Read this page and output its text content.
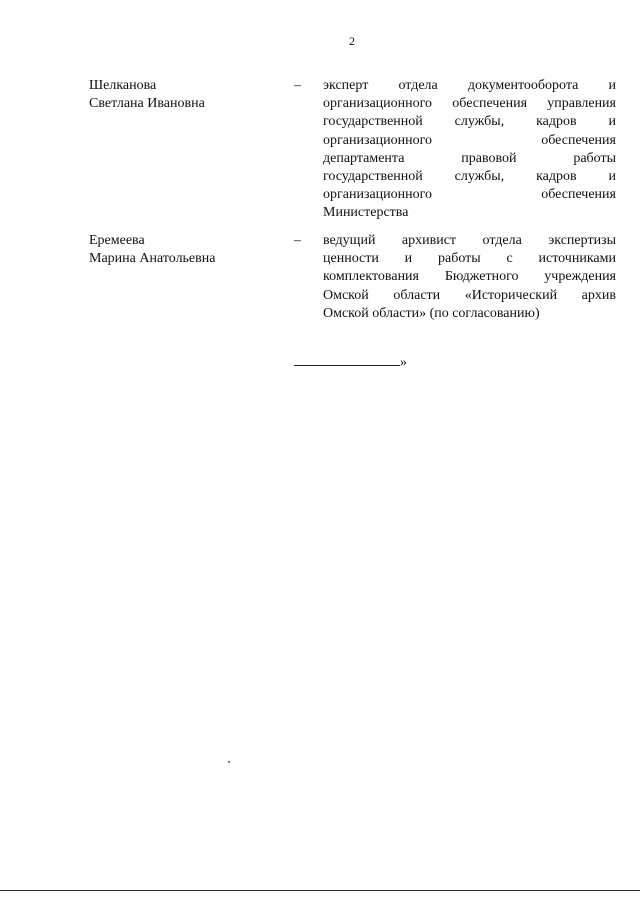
2
Шелканова
Светлана Ивановна
– эксперт отдела документооборота и
организационного обеспечения управления
государственной службы, кадров и
организационного обеспечения
департамента правовой работы
государственной службы, кадров и
организационного обеспечения
Министерства
Еремеева
Марина Анатольевна
– ведущий архивист отдела экспертизы
ценности и работы с источниками
комплектования Бюджетного учреждения
Омской области «Исторический архив
Омской области» (по согласованию)
»
